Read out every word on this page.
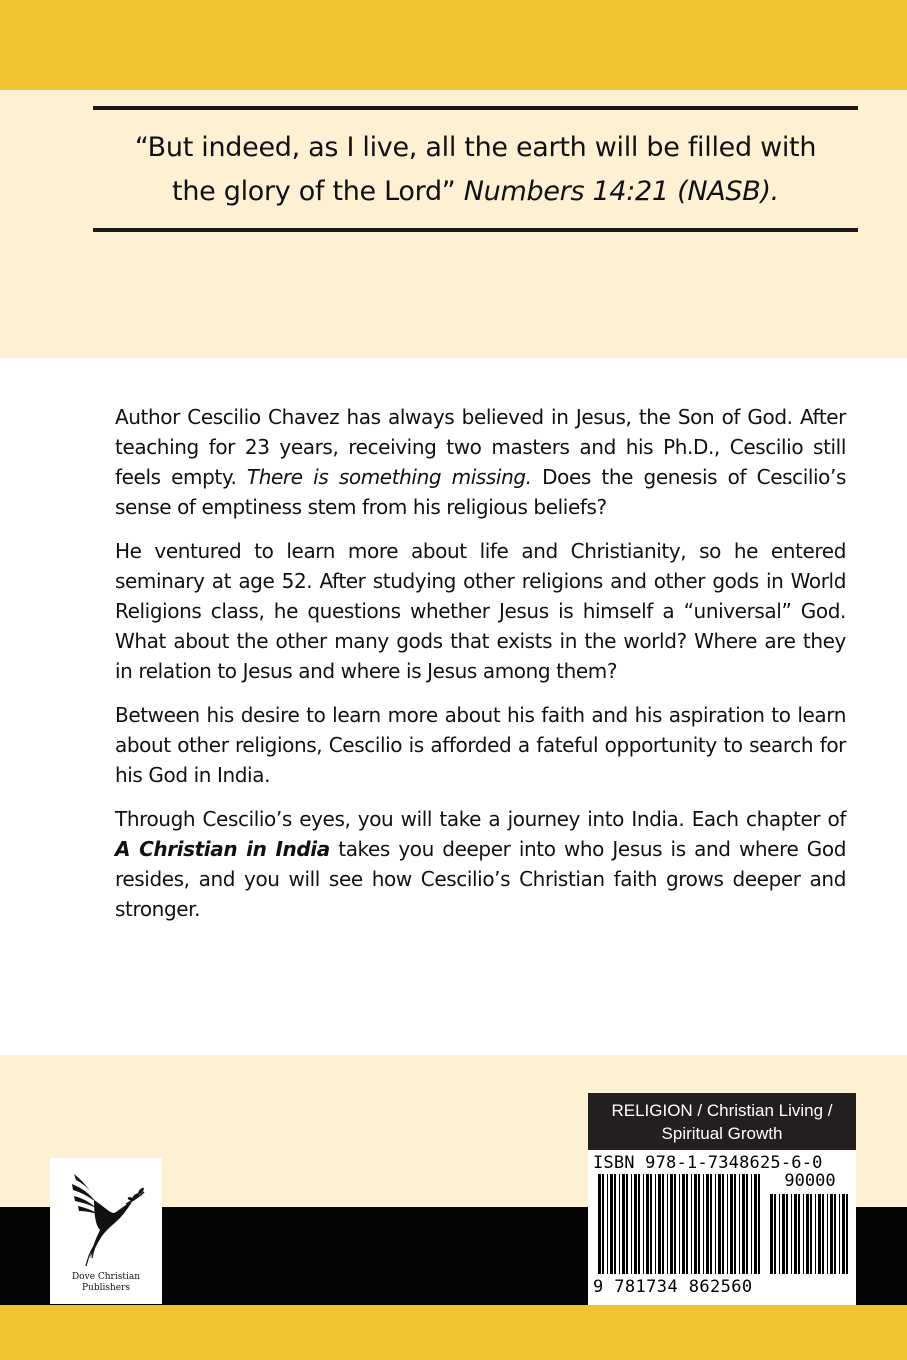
“But indeed, as I live, all the earth will be filled with
the glory of the Lord” Numbers 14:21 (NASB).

Author Cescilio Chavez has always believed in Jesus, the Son of God. After teaching for 23 years, receiving two masters and his Ph.D., Cescilio still feels empty. There is something missing. Does the genesis of Cescilio’s sense of emptiness stem from his religious beliefs?

He ventured to learn more about life and Christianity, so he entered seminary at age 52. After studying other religions and other gods in World Religions class, he questions whether Jesus is himself a “universal” God. What about the other many gods that exists in the world? Where are they in relation to Jesus and where is Jesus among them?

Between his desire to learn more about his faith and his aspiration to learn about other religions, Cescilio is afforded a fateful opportunity to search for his God in India.

Through Cescilio’s eyes, you will take a journey into India. Each chapter of A Christian in India takes you deeper into who Jesus is and where God resides, and you will see how Cescilio’s Christian faith grows deeper and stronger.

Dove Christian
Publishers
RELIGION / Christian Living /
Spiritual Growth
ISBN 978-1-7348625-6-0
90000
9 781734 862560
